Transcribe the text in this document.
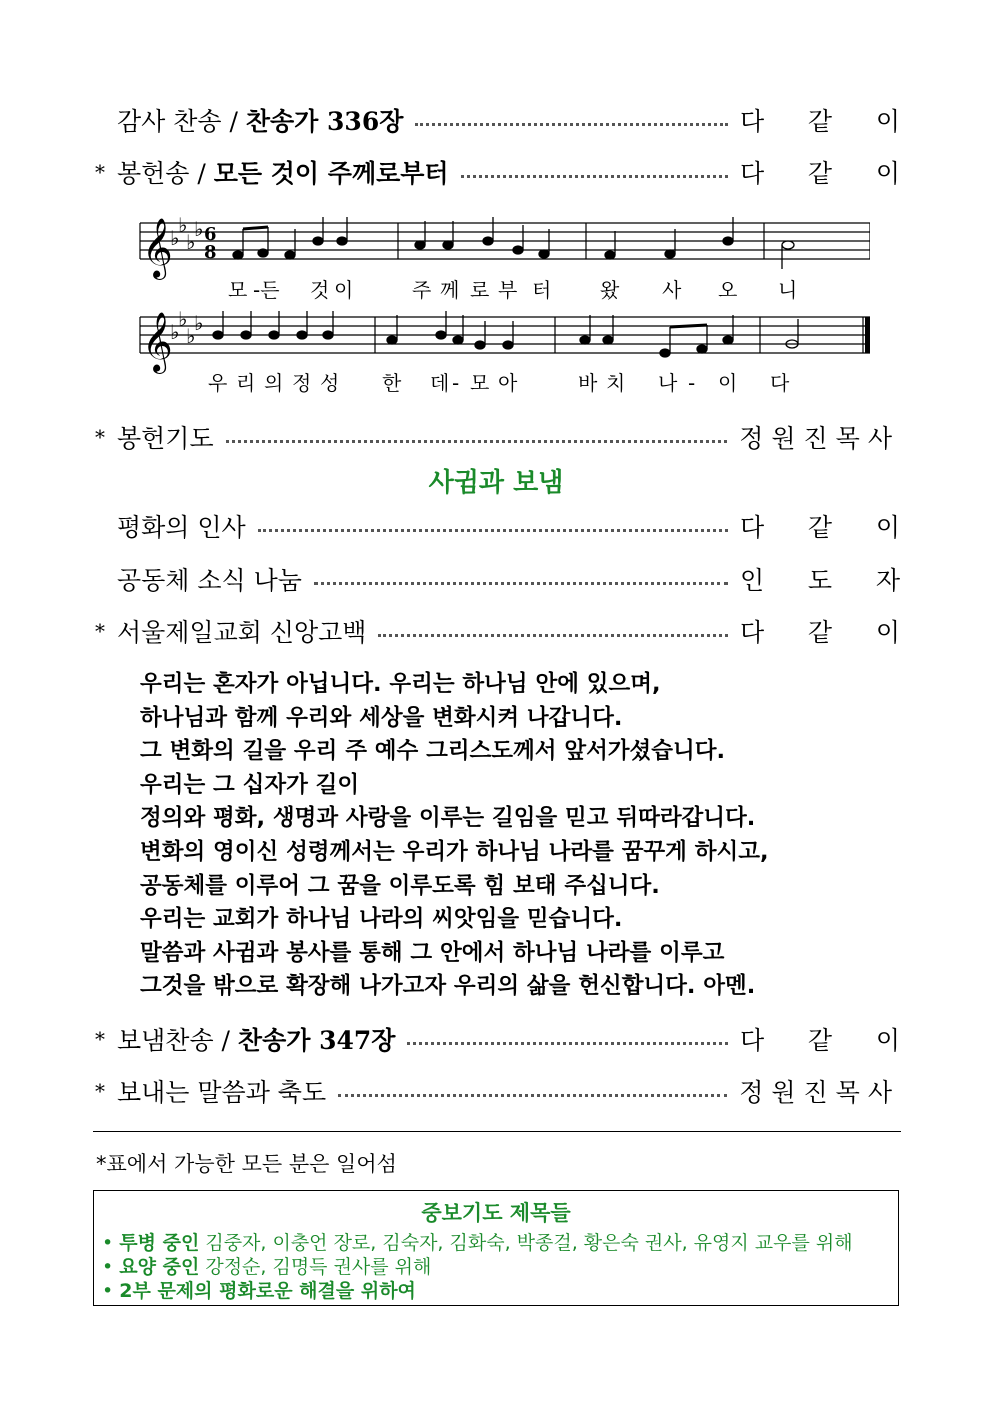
감사 찬송 / 찬송가 336장	다 같 이
* 봉헌송 / 모든 것이 주께로부터	다 같 이
𝄞
𝄞
♭
♭
♭
♭
♭
♭
♭
♭
6
8
모 -든 것 이	주 께 로 부 터 왔 사 오 니
우 리 의 정 성 한 데 - 모 아	바 치 나 - 이 다
* 봉헌기도	정원진목사
사귐과 보냄
평화의 인사	다 같 이
공동체 소식 나눔	인 도 자
* 서울제일교회 신앙고백	다 같 이
우리는 혼자가 아닙니다. 우리는 하나님 안에 있으며,
하나님과 함께 우리와 세상을 변화시켜 나갑니다.
그 변화의 길을 우리 주 예수 그리스도께서 앞서가셨습니다.
우리는 그 십자가 길이
정의와 평화, 생명과 사랑을 이루는 길임을 믿고 뒤따라갑니다.
변화의 영이신 성령께서는 우리가 하나님 나라를 꿈꾸게 하시고,
공동체를 이루어 그 꿈을 이루도록 힘 보태 주십니다.
우리는 교회가 하나님 나라의 씨앗임을 믿습니다.
말씀과 사귐과 봉사를 통해 그 안에서 하나님 나라를 이루고
그것을 밖으로 확장해 나가고자 우리의 삶을 헌신합니다. 아멘.
* 보냄찬송 / 찬송가 347장	다 같 이
* 보내는 말씀과 축도	정원진목사
*표에서 가능한 모든 분은 일어섬
중보기도 제목들
• 투병 중인 김중자, 이충언 장로, 김숙자, 김화숙, 박종걸, 황은숙 권사, 유영지 교우를 위해
• 요양 중인 강정순, 김명득 권사를 위해
• 2부 문제의 평화로운 해결을 위하여
